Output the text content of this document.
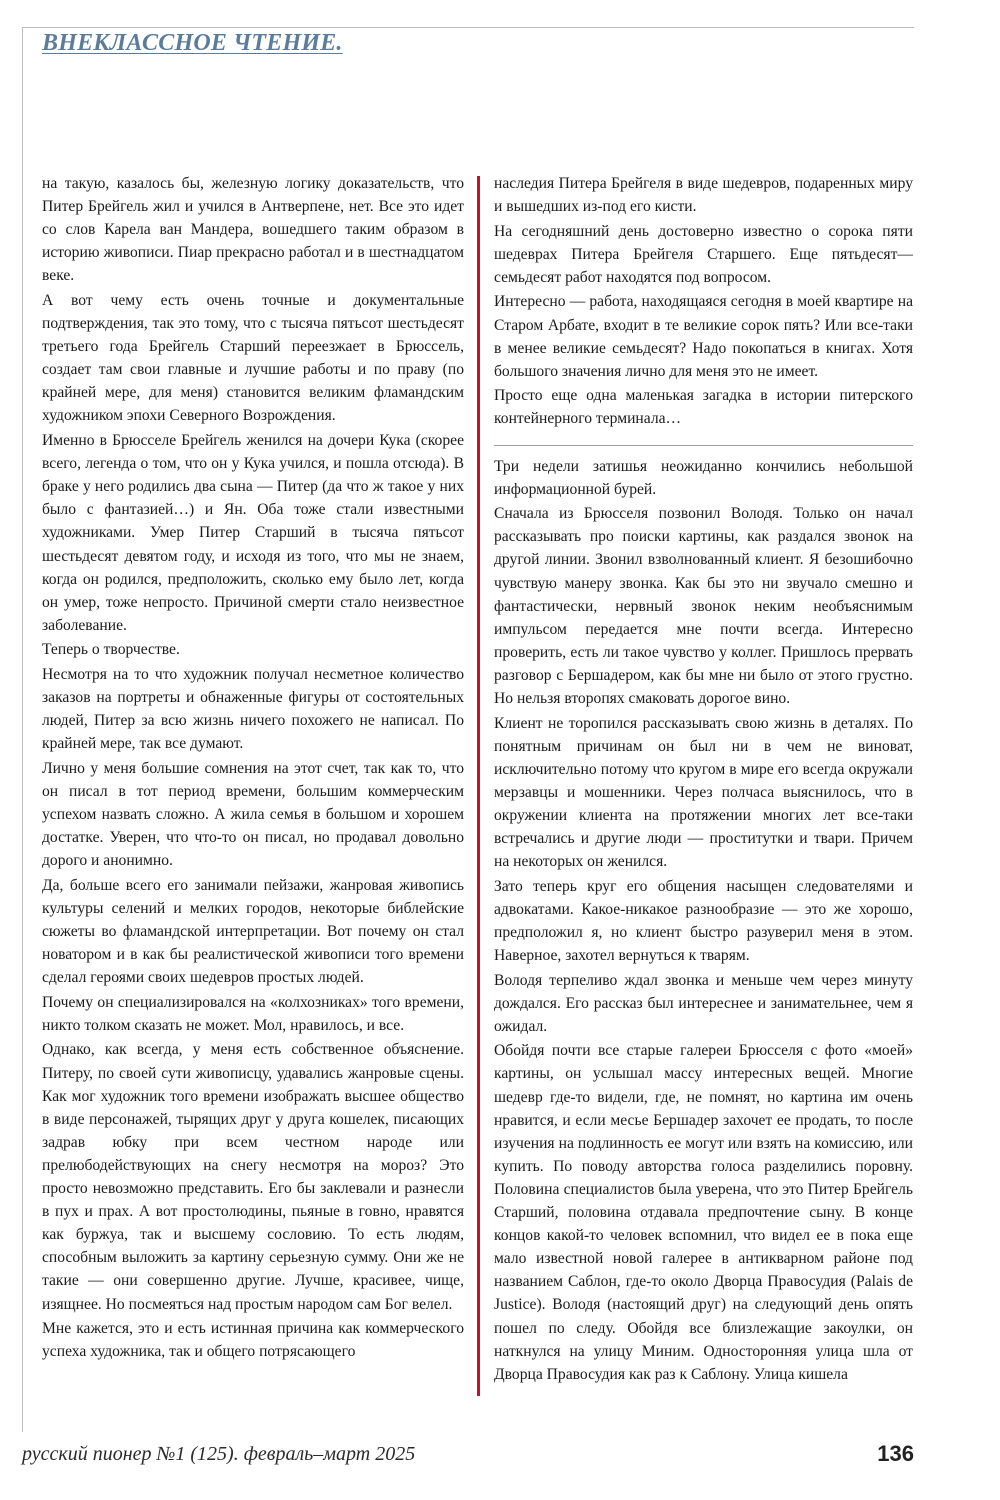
ВНЕКЛАССНОЕ ЧТЕНИЕ.

на такую, казалось бы, железную логику доказательств, что Питер Брейгель жил и учился в Антверпене, нет. Все это идет со слов Карела ван Мандера, вошедшего таким образом в историю живописи. Пиар прекрасно работал и в шестнадцатом веке.

А вот чему есть очень точные и документальные подтверждения, так это тому, что с тысяча пятьсот шестьдесят третьего года Брейгель Старший переезжает в Брюссель, создает там свои главные и лучшие работы и по праву (по крайней мере, для меня) становится великим фламандским художником эпохи Северного Возрождения.

Именно в Брюсселе Брейгель женился на дочери Кука (скорее всего, легенда о том, что он у Кука учился, и пошла отсюда). В браке у него родились два сына — Питер (да что ж такое у них было с фантазией…) и Ян. Оба тоже стали известными художниками. Умер Питер Старший в тысяча пятьсот шестьдесят девятом году, и исходя из того, что мы не знаем, когда он родился, предположить, сколько ему было лет, когда он умер, тоже непросто. Причиной смерти стало неизвестное заболевание.

Теперь о творчестве.

Несмотря на то что художник получал несметное количество заказов на портреты и обнаженные фигуры от состоятельных людей, Питер за всю жизнь ничего похожего не написал. По крайней мере, так все думают.

Лично у меня большие сомнения на этот счет, так как то, что он писал в тот период времени, большим коммерческим успехом назвать сложно. А жила семья в большом и хорошем достатке. Уверен, что что-то он писал, но продавал довольно дорого и анонимно.

Да, больше всего его занимали пейзажи, жанровая живопись культуры селений и мелких городов, некоторые библейские сюжеты во фламандской интерпретации. Вот почему он стал новатором и в как бы реалистической живописи того времени сделал героями своих шедевров простых людей.

Почему он специализировался на «колхозниках» того времени, никто толком сказать не может. Мол, нравилось, и все.

Однако, как всегда, у меня есть собственное объяснение. Питеру, по своей сути живописцу, удавались жанровые сцены. Как мог художник того времени изображать высшее общество в виде персонажей, тырящих друг у друга кошелек, писающих задрав юбку при всем честном народе или прелюбодействующих на снегу несмотря на мороз? Это просто невозможно представить. Его бы заклевали и разнесли в пух и прах. А вот простолюдины, пьяные в говно, нравятся как буржуа, так и высшему сословию. То есть людям, способным выложить за картину серьезную сумму. Они же не такие — они совершенно другие. Лучше, красивее, чище, изящнее. Но посмеяться над простым народом сам Бог велел.

Мне кажется, это и есть истинная причина как коммерческого успеха художника, так и общего потрясающего

наследия Питера Брейгеля в виде шедевров, подаренных миру и вышедших из-под его кисти.

На сегодняшний день достоверно известно о сорока пяти шедеврах Питера Брейгеля Старшего. Еще пятьдесят—семьдесят работ находятся под вопросом.

Интересно — работа, находящаяся сегодня в моей квартире на Старом Арбате, входит в те великие сорок пять? Или все-таки в менее великие семьдесят? Надо покопаться в книгах. Хотя большого значения лично для меня это не имеет.

Просто еще одна маленькая загадка в истории питерского контейнерного терминала…

Три недели затишья неожиданно кончились небольшой информационной бурей.

Сначала из Брюсселя позвонил Володя. Только он начал рассказывать про поиски картины, как раздался звонок на другой линии. Звонил взволнованный клиент. Я безошибочно чувствую манеру звонка. Как бы это ни звучало смешно и фантастически, нервный звонок неким необъяснимым импульсом передается мне почти всегда. Интересно проверить, есть ли такое чувство у коллег. Пришлось прервать разговор с Бершадером, как бы мне ни было от этого грустно. Но нельзя второпях смаковать дорогое вино.

Клиент не торопился рассказывать свою жизнь в деталях. По понятным причинам он был ни в чем не виноват, исключительно потому что кругом в мире его всегда окружали мерзавцы и мошенники. Через полчаса выяснилось, что в окружении клиента на протяжении многих лет все-таки встречались и другие люди — проститутки и твари. Причем на некоторых он женился.

Зато теперь круг его общения насыщен следователями и адвокатами. Какое-никакое разнообразие — это же хорошо, предположил я, но клиент быстро разуверил меня в этом. Наверное, захотел вернуться к тварям.

Володя терпеливо ждал звонка и меньше чем через минуту дождался. Его рассказ был интереснее и занимательнее, чем я ожидал.

Обойдя почти все старые галереи Брюсселя с фото «моей» картины, он услышал массу интересных вещей. Многие шедевр где-то видели, где, не помнят, но картина им очень нравится, и если месье Бершадер захочет ее продать, то после изучения на подлинность ее могут или взять на комиссию, или купить. По поводу авторства голоса разделились поровну. Половина специалистов была уверена, что это Питер Брейгель Старший, половина отдавала предпочтение сыну. В конце концов какой-то человек вспомнил, что видел ее в пока еще мало известной новой галерее в антикварном районе под названием Саблон, где-то около Дворца Правосудия (Palais de Justice). Володя (настоящий друг) на следующий день опять пошел по следу. Обойдя все близлежащие закоулки, он наткнулся на улицу Миним. Односторонняя улица шла от Дворца Правосудия как раз к Саблону. Улица кишела

русский пионер №1 (125). февраль–март 2025	136
